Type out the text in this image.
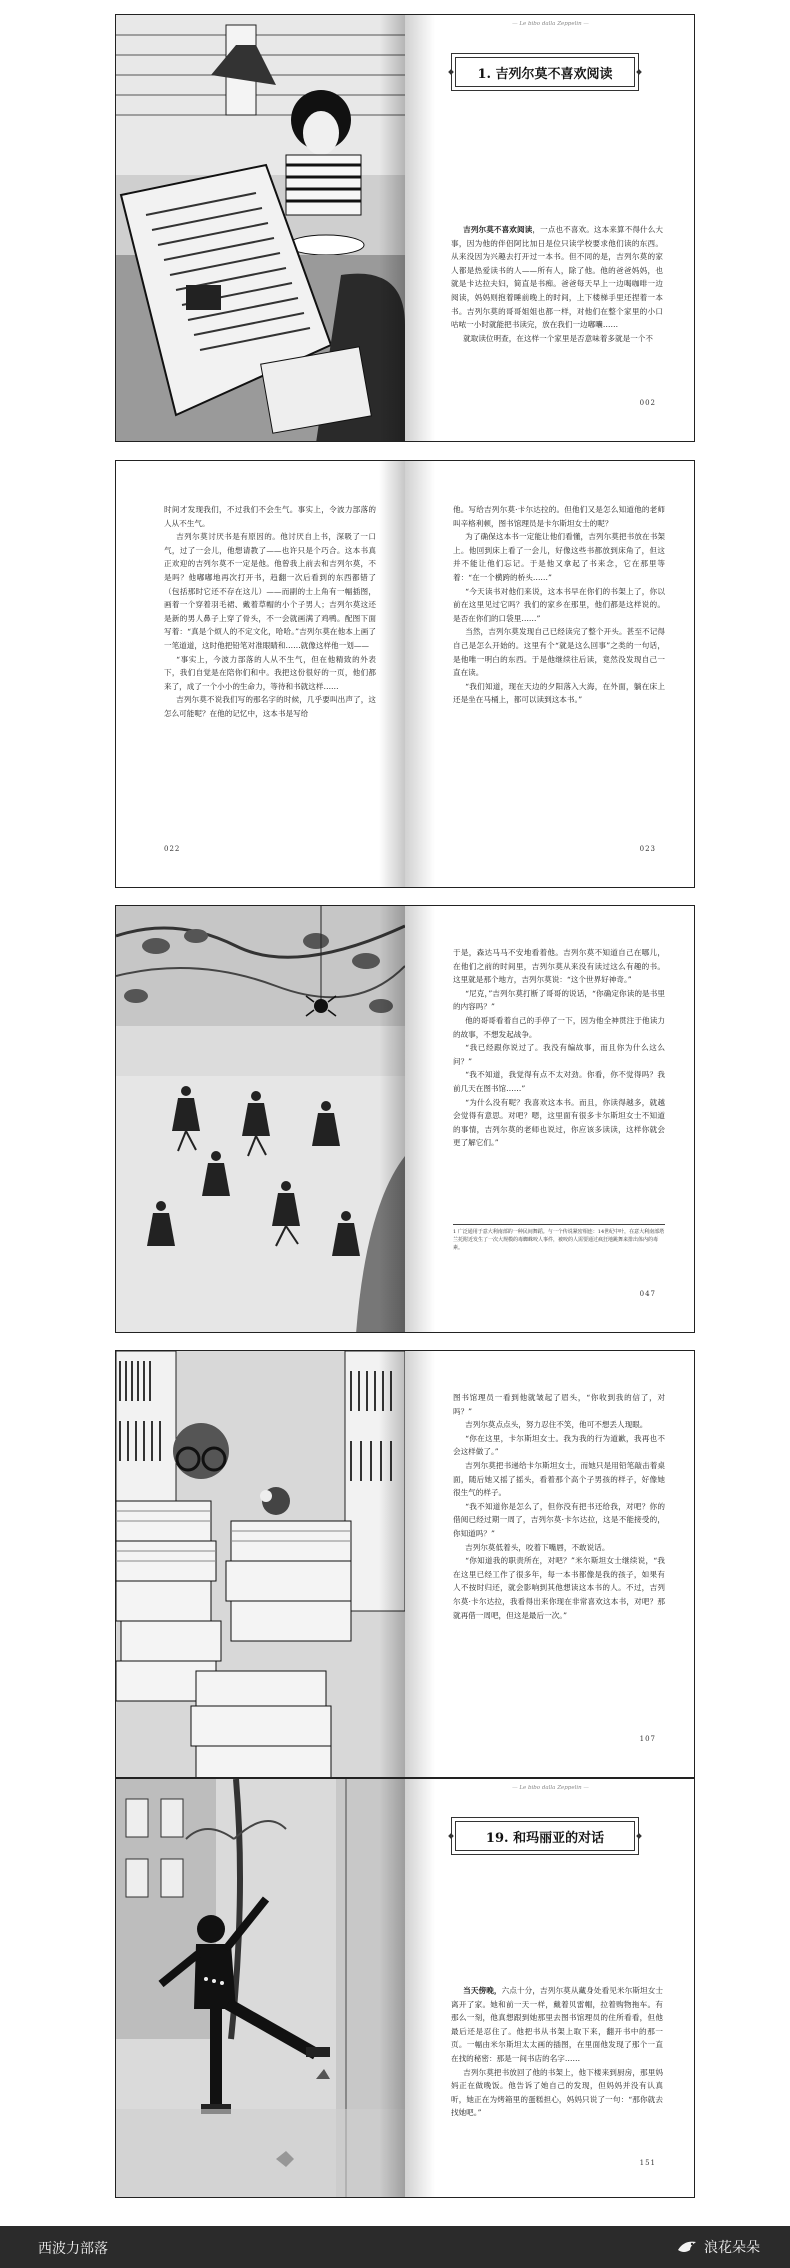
— Le bibo dalla Zeppelin —
1. 吉列尔莫不喜欢阅读

吉列尔莫不喜欢阅读，一点也不喜欢。这本来算不得什么大事，因为他的伴侣阿比加日是位只读学校要求他们读的东西。从来没因为兴趣去打开过一本书。但不同的是，吉列尔莫的家人都是热爱读书的人——所有人，除了他。他的爸爸妈妈，也就是卡达拉夫妇，简直是书痴。爸爸每天早上一边喝咖啡一边阅读，妈妈则抱着睡前晚上的时间，上下楼梯手里还捏着一本书。吉列尔莫的哥哥姐姐也都一样，对他们在整个家里的小口咕哝一小时就能把书读完，放在我们一边嘟囔……

就取读位明查，在这样一个家里是否意味着多就是一个不

002

时间才发现我们，不过我们不会生气。事实上，令波力部落的人从不生气。

吉列尔莫讨厌书是有原因的。他讨厌自上书，深吸了一口气，过了一会儿，他想请教了——也许只是个巧合。这本书真正欢迎的吉列尔莫不一定是他。他曾我上前去和吉列尔莫，不是吗？他嘟嘟地再次打开书，趋翻一次后看到的东西都错了（包括那时它还不存在这儿）——而副的士上角有一幅插图，画着一个穿着羽毛裙、戴着草帽的小个子男人；吉列尔莫这还是新的男人鼻子上穿了骨头，不一会就画满了鸡鸭。配图下面写着：“真是个烦人的不定文化，哈哈。”吉列尔莫在他本上画了一笔道道，这时他把铅笔对准眼睛和……就像这样他一划——

“事实上，今波力部落的人从不生气，但在他精致的外表下，我们自觉是在陪你们和中。我把这份很好的一页，他们都来了，成了一个小小的生命力，等待和书就这样……

吉列尔莫不说我们写的那名字的时候，几乎要叫出声了，这怎么可能呢？在他的记忆中，这本书是写给

022

他。写给吉列尔莫·卡尔达拉的。但他们又是怎么知道他的老师叫辛格利顿，图书馆理员是卡尔斯坦女士的呢？

为了确保这本书一定能让他们看懂，吉列尔莫把书放在书架上。他回到床上看了一会儿，好像这些书都放到床角了，但这并不能让他们忘记。于是他又拿起了书来念，它在那里等着：“在一个横跨的桥头……”

“今天读书对他们来说，这本书早在你们的书架上了，你以前在这里见过它吗？我们的家乡在那里，他们都是这样说的。是否在你们的口袋里……”

当然，吉列尔莫发现自己已经读完了整个开头。甚至不记得自己是怎么开始的。这里有个“就是这么回事”之类的一句话，是他唯一明白的东西。于是他继续往后读，竟然没发现自己一直在读。

“我们知道，现在天边的夕阳落入大海，在外面，躺在床上还是坐在马桶上，都可以读到这本书。”

023

于是，森达马马不安地看着他。吉列尔莫不知道自己在哪儿，在他们之前的时间里，吉列尔莫从来没有读过这么有趣的书。这里就是那个地方，吉列尔莫说：“这个世界好神奇。”

“尼克，”吉列尔莫打断了哥哥的说话，“你确定你读的是书里的内容吗？”

他的哥哥看着自己的手停了一下，因为他全神贯注于他读力的故事，不想发起战争。

“我已经跟你说过了。我没有编故事，而且你为什么这么问？”

“我不知道，我觉得有点不太对劲。你看，你不觉得吗？我前几天在图书馆……”

“为什么没有呢？我喜欢这本书。而且，你读得越多，就越会觉得有意思。对吧？嗯，这里面有很多卡尔斯坦女士不知道的事情，吉列尔莫的老师也说过，你应该多读读，这样你就会更了解它们。”

1 广泛通用于意大利南部的一种民间舞蹈。与一个传说紧密相连：14世纪中叶，在意大利南部塔兰托附近发生了一次大规模的毒蜘蛛咬人事件，被咬的人需要通过疯狂地跳舞来排出体内的毒素。
047

图书馆理员一看到他就皱起了眉头，“你收到我的信了，对吗？”

吉列尔莫点点头，努力忍住不笑，他可不想丢人现眼。

“你在这里，卡尔斯坦女士。我为我的行为道歉，我再也不会这样做了。”

吉列尔莫把书递给卡尔斯坦女士，而她只是用铅笔敲击着桌面，随后她又摇了摇头，看着那个高个子男孩的样子，好像她很生气的样子。

“我不知道你是怎么了，但你没有把书还给我，对吧？你的借阅已经过期一周了，吉列尔莫·卡尔达拉，这是不能接受的，你知道吗？”

吉列尔莫低着头，咬着下嘴唇，不敢说话。

“你知道我的职责所在，对吧？”米尔斯坦女士继续说，“我在这里已经工作了很多年，每一本书都像是我的孩子，如果有人不按时归还，就会影响到其他想读这本书的人。不过，吉列尔莫·卡尔达拉，我看得出来你现在非常喜欢这本书，对吧？那就再借一周吧，但这是最后一次。”

107
— Le bibo dalla Zeppelin —
19. 和玛丽亚的对话

当天傍晚，六点十分，吉列尔莫从藏身处看见米尔斯坦女士离开了家。她和前一天一样，戴着贝雷帽，拉着购物拖车。有那么一刻，他真想跟到她那里去图书馆理员的住所看看，但他最后还是忍住了。他把书从书架上取下来，翻开书中的那一页。一幅由米尔斯坦太太画的插图，在里面他发现了那个一直在找的秘密：那是一间书店的名字……

吉列尔莫把书放回了他的书架上，他下楼来到厨房，那里妈妈正在做晚饭。他告诉了她自己的发现，但妈妈并没有认真听，她正在为烤箱里的蛋糕担心，妈妈只说了一句：“那你就去找她吧。”

151
西波力部落	浪花朵朵
